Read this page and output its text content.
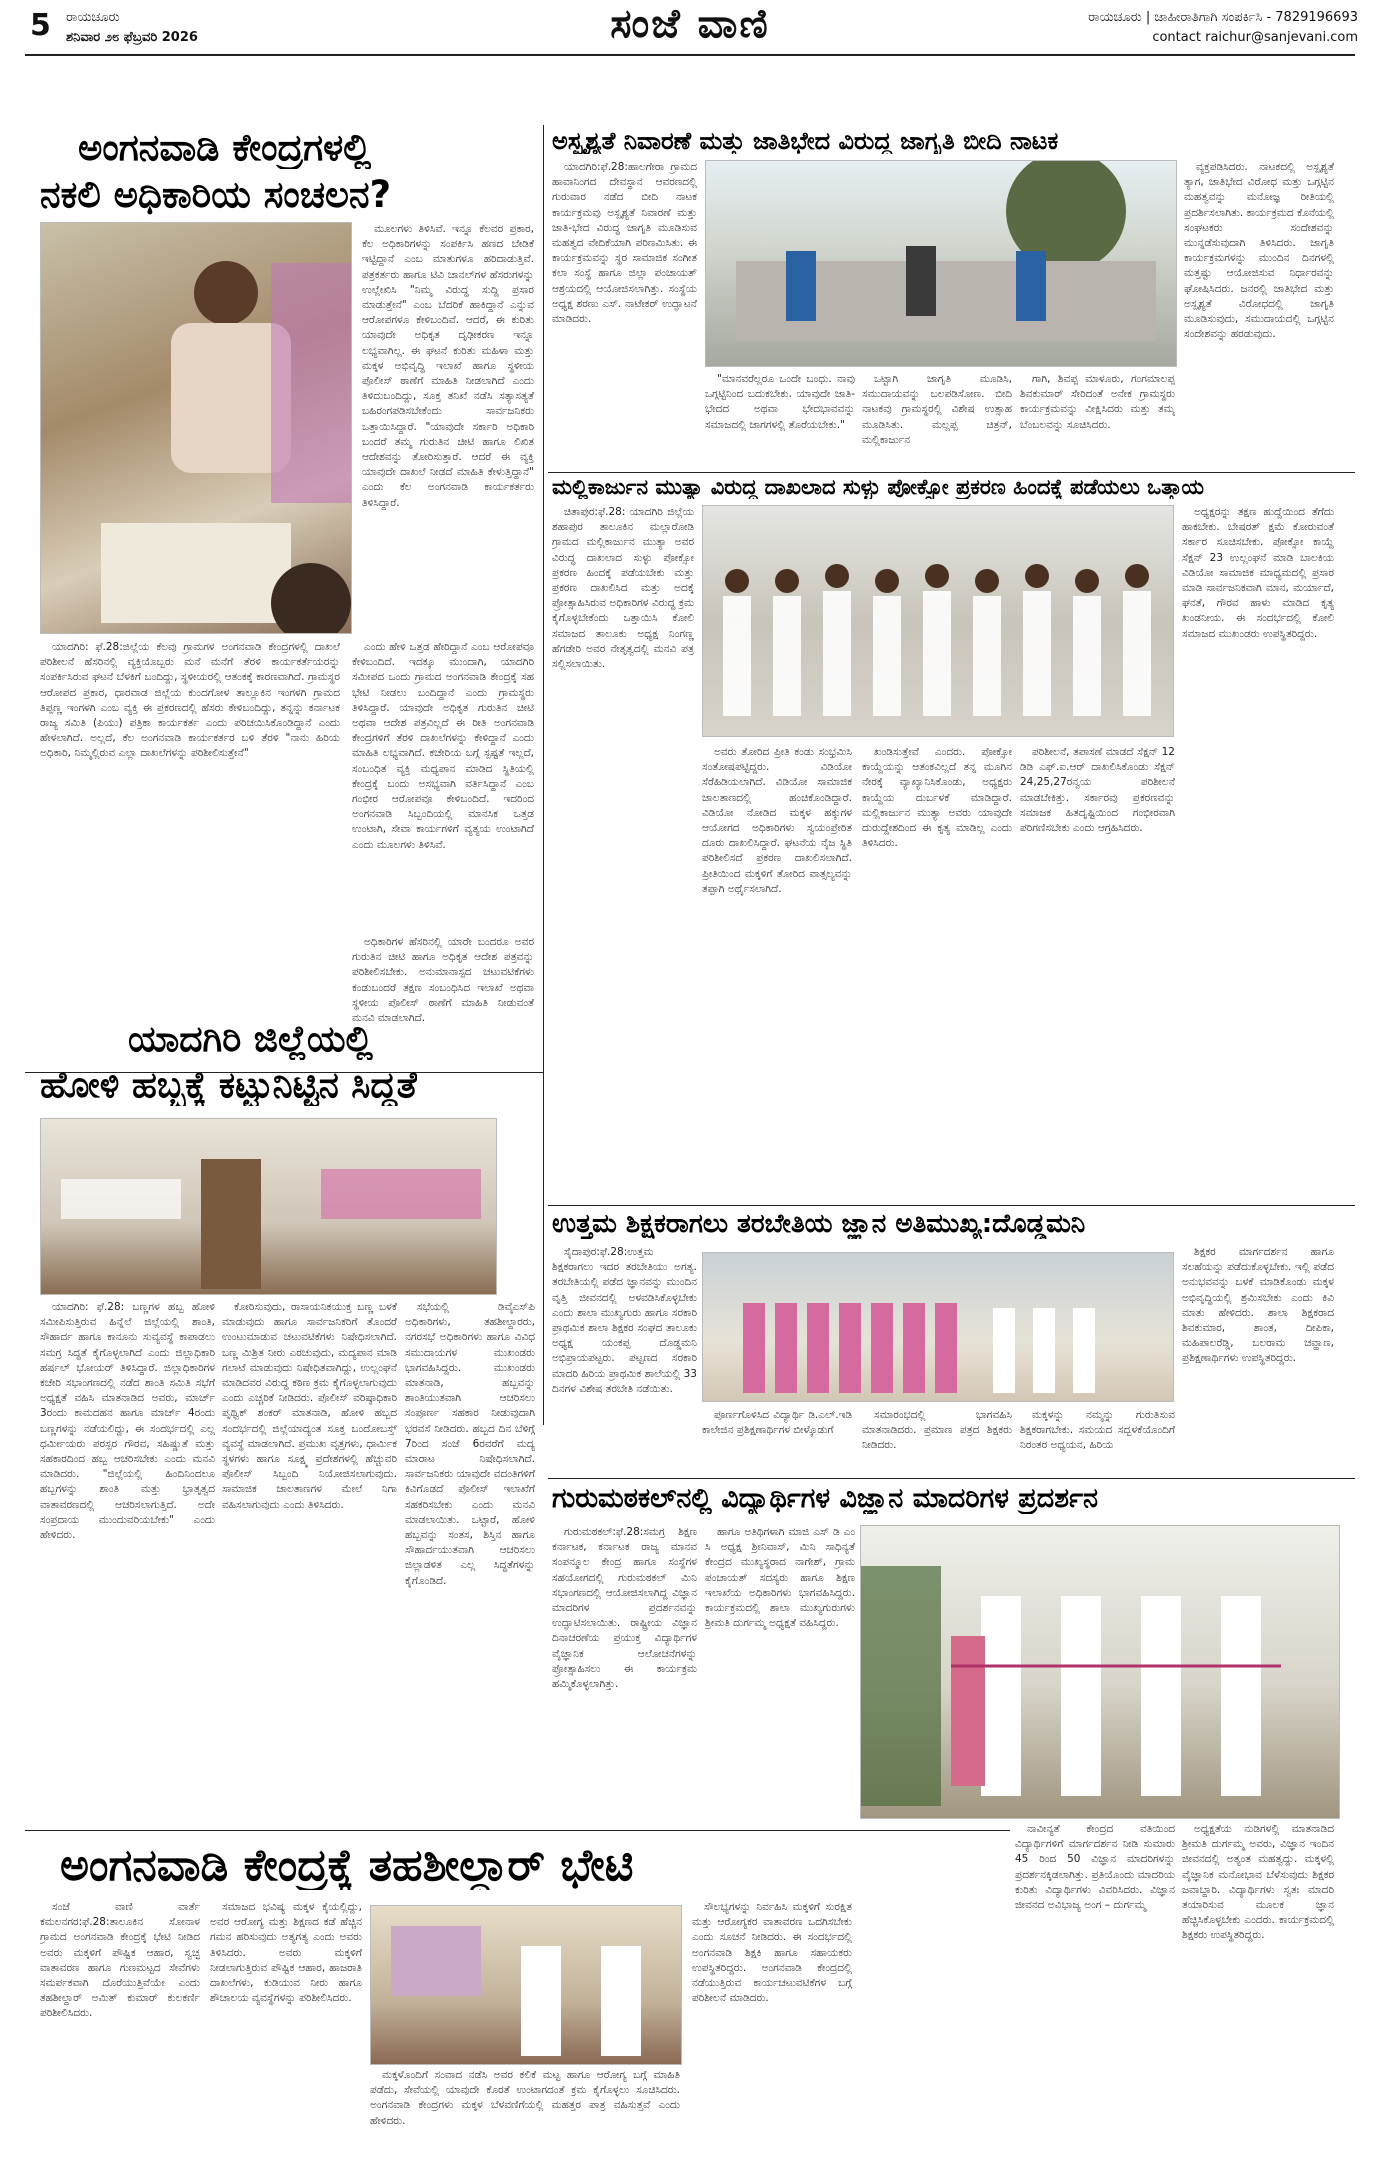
5 ರಾಯಚೂರು
ಶನಿವಾರ ೨೮ ಫೆಬ್ರವರಿ 2026	ಸಂಜೆ ವಾಣಿ	ರಾಯಚೂರು | ಜಾಹೀರಾತಿಗಾಗಿ ಸಂಪರ್ಕಿಸಿ - 7829196693
contact raichur@sanjevani.com
ಅಂಗನವಾಡಿ ಕೇಂದ್ರಗಳಲ್ಲಿ
ನಕಲಿ ಅಧಿಕಾರಿಯ ಸಂಚಲನ?

ಮೂಲಗಳು ತಿಳಿಸಿವೆ. ಇನ್ನೂ ಕೆಲವರ ಪ್ರಕಾರ, ಕೆಲ ಅಧಿಕಾರಿಗಳನ್ನು ಸಂಪರ್ಕಿಸಿ ಹಣದ ಬೇಡಿಕೆ ಇಟ್ಟಿದ್ದಾನೆ ಎಂಬ ಮಾತುಗಳೂ ಹರಿದಾಡುತ್ತಿವೆ. ಪತ್ರಕರ್ತರು ಹಾಗೂ ಟಿವಿ ಚಾನಲ್‌ಗಳ ಹೆಸರುಗಳನ್ನು ಉಲ್ಲೇಖಿಸಿ "ನಿಮ್ಮ ವಿರುದ್ಧ ಸುದ್ದಿ ಪ್ರಸಾರ ಮಾಡುತ್ತೇನೆ" ಎಂಬ ಬೆದರಿಕೆ ಹಾಕಿದ್ದಾನೆ ಎನ್ನುವ ಆರೋಪಗಳೂ ಕೇಳಿಬಂದಿವೆ. ಆದರೆ, ಈ ಕುರಿತು ಯಾವುದೇ ಅಧಿಕೃತ ದೃಢೀಕರಣ ಇನ್ನೂ ಲಭ್ಯವಾಗಿಲ್ಲ. ಈ ಘಟನೆ ಕುರಿತು ಮಹಿಳಾ ಮತ್ತು ಮಕ್ಕಳ ಅಭಿವೃದ್ಧಿ ಇಲಾಖೆ ಹಾಗೂ ಸ್ಥಳೀಯ ಪೊಲೀಸ್ ಠಾಣೆಗೆ ಮಾಹಿತಿ ನೀಡಲಾಗಿದೆ ಎಂದು ತಿಳಿದುಬಂದಿದ್ದು, ಸೂಕ್ತ ತನಿಖೆ ನಡೆಸಿ ಸತ್ಯಾಸತ್ಯತೆ ಬಹಿರಂಗಪಡಿಸಬೇಕೆಂದು ಸಾರ್ವಜನಿಕರು ಒತ್ತಾಯಿಸಿದ್ದಾರೆ. "ಯಾವುದೇ ಸರ್ಕಾರಿ ಅಧಿಕಾರಿ ಬಂದರೆ ತಮ್ಮ ಗುರುತಿನ ಚೀಟಿ ಹಾಗೂ ಲಿಖಿತ ಆದೇಶವನ್ನು ತೋರಿಸುತ್ತಾರೆ. ಆದರೆ ಈ ವ್ಯಕ್ತಿ ಯಾವುದೇ ದಾಖಲೆ ನೀಡದೆ ಮಾಹಿತಿ ಕೇಳುತ್ತಿದ್ದಾನೆ" ಎಂದು ಕೆಲ ಅಂಗನವಾಡಿ ಕಾರ್ಯಕರ್ತರು ತಿಳಿಸಿದ್ದಾರೆ.

ಯಾದಗಿರಿ: ಫೆ.28:ಜಿಲ್ಲೆಯ ಕೆಲವು ಗ್ರಾಮಗಳ ಅಂಗನವಾಡಿ ಕೇಂದ್ರಗಳಲ್ಲಿ ದಾಖಲೆ ಪರಿಶೀಲನೆ ಹೆಸರಿನಲ್ಲಿ ವ್ಯಕ್ತಿಯೊಬ್ಬರು ಮನೆ ಮನೆಗೆ ತೆರಳಿ ಕಾರ್ಯಕರ್ತೆಯರನ್ನು ಸಂಪರ್ಕಿಸಿರುವ ಘಟನೆ ಬೆಳಕಿಗೆ ಬಂದಿದ್ದು, ಸ್ಥಳೀಯರಲ್ಲಿ ಆತಂಕಕ್ಕೆ ಕಾರಣವಾಗಿದೆ. ಗ್ರಾಮಸ್ಥರ ಆರೋಪದ ಪ್ರಕಾರ, ಧಾರವಾಡ ಜಿಲ್ಲೆಯ ಕುಂದಗೋಳ ತಾಲ್ಲೂಕಿನ ಇಂಗಳಗಿ ಗ್ರಾಮದ ತಿಪ್ಪಣ್ಣ ಇಂಗಳಗಿ ಎಂಬ ವ್ಯಕ್ತಿ ಈ ಪ್ರಕರಣದಲ್ಲಿ ಹೆಸರು ಕೇಳಿಬಂದಿದ್ದು, ತನ್ನನ್ನು ಕರ್ನಾಟಕ ರಾಜ್ಯ ಸಮಿತಿ (ಪಿಯು) ಪತ್ರಿಕಾ ಕಾರ್ಯಕರ್ತ ಎಂದು ಪರಿಚಯಿಸಿಕೊಂಡಿದ್ದಾನೆ ಎಂದು ಹೇಳಲಾಗಿದೆ. ಅಲ್ಲದೆ, ಕೆಲ ಅಂಗನವಾಡಿ ಕಾರ್ಯಕರ್ತರ ಬಳಿ ತೆರಳಿ "ನಾನು ಹಿರಿಯ ಅಧಿಕಾರಿ, ನಿಮ್ಮಲ್ಲಿರುವ ಎಲ್ಲಾ ದಾಖಲೆಗಳನ್ನು ಪರಿಶೀಲಿಸುತ್ತೇನೆ"

ಎಂದು ಹೇಳಿ ಒತ್ತಡ ಹೇರಿದ್ದಾನೆ ಎಂಬ ಆರೋಪವೂ ಕೇಳಿಬಂದಿದೆ. ಇದಕ್ಕೂ ಮುಂದಾಗಿ, ಯಾದಗಿರಿ ಸಮೀಪದ ಒಂದು ಗ್ರಾಮದ ಅಂಗನವಾಡಿ ಕೇಂದ್ರಕ್ಕೆ ಸಹ ಭೇಟಿ ನೀಡಲು ಬಂದಿದ್ದಾನೆ ಎಂದು ಗ್ರಾಮಸ್ಥರು ತಿಳಿಸಿದ್ದಾರೆ. ಯಾವುದೇ ಅಧಿಕೃತ ಗುರುತಿನ ಚೀಟಿ ಅಥವಾ ಆದೇಶ ಪತ್ರವಿಲ್ಲದೆ ಈ ರೀತಿ ಅಂಗನವಾಡಿ ಕೇಂದ್ರಗಳಿಗೆ ತೆರಳಿ ದಾಖಲೆಗಳನ್ನು ಕೇಳಿದ್ದಾನೆ ಎಂದು ಮಾಹಿತಿ ಲಭ್ಯವಾಗಿದೆ. ಕಚೇರಿಯ ಬಗ್ಗೆ ಸ್ಪಷ್ಟತೆ ಇಲ್ಲದೆ, ಸಂಬಂಧಿತ ವ್ಯಕ್ತಿ ಮಧ್ಯಪಾನ ಮಾಡಿದ ಸ್ಥಿತಿಯಲ್ಲಿ ಕೇಂದ್ರಕ್ಕೆ ಬಂದು ಅಸಭ್ಯವಾಗಿ ವರ್ತಿಸಿದ್ದಾನೆ ಎಂಬ ಗಂಭೀರ ಆರೋಪವೂ ಕೇಳಿಬಂದಿದೆ. ಇದರಿಂದ ಅಂಗನವಾಡಿ ಸಿಬ್ಬಂದಿಯಲ್ಲಿ ಮಾನಸಿಕ ಒತ್ತಡ ಉಂಟಾಗಿ, ಸೇವಾ ಕಾರ್ಯಗಳಿಗೆ ವ್ಯತ್ಯಯ ಉಂಟಾಗಿದೆ ಎಂದು ಮೂಲಗಳು ತಿಳಿಸಿವೆ.

ಅಧಿಕಾರಿಗಳ ಹೆಸರಿನಲ್ಲಿ ಯಾರೇ ಬಂದರೂ ಅವರ ಗುರುತಿನ ಚೀಟಿ ಹಾಗೂ ಅಧಿಕೃತ ಆದೇಶ ಪತ್ರವನ್ನು ಪರಿಶೀಲಿಸಬೇಕು. ಅನುಮಾನಾಸ್ಪದ ಚಟುವಟಿಕೆಗಳು ಕಂಡುಬಂದರೆ ತಕ್ಷಣ ಸಂಬಂಧಿಸಿದ ಇಲಾಖೆ ಅಥವಾ ಸ್ಥಳೀಯ ಪೊಲೀಸ್ ಠಾಣೆಗೆ ಮಾಹಿತಿ ನೀಡುವಂತೆ ಮನವಿ ಮಾಡಲಾಗಿದೆ.

ಯಾದಗಿರಿ ಜಿಲ್ಲೆಯಲ್ಲಿ
ಹೋಳಿ ಹಬ್ಬಕ್ಕೆ ಕಟ್ಟುನಿಟ್ಟಿನ ಸಿದ್ಧತೆ

ಯಾದಗಿರಿ: ಫೆ.28: ಬಣ್ಣಗಳ ಹಬ್ಬ ಹೋಳಿ ಸಮೀಪಿಸುತ್ತಿರುವ ಹಿನ್ನೆಲೆ ಜಿಲ್ಲೆಯಲ್ಲಿ ಶಾಂತಿ, ಸೌಹಾರ್ದ ಹಾಗೂ ಕಾನೂನು ಸುವ್ಯವಸ್ಥೆ ಕಾಪಾಡಲು ಸಮಗ್ರ ಸಿದ್ಧತೆ ಕೈಗೊಳ್ಳಲಾಗಿದೆ ಎಂದು ಜಿಲ್ಲಾಧಿಕಾರಿ ಹರ್ಷಲ್ ಭೋಯರ್ ತಿಳಿಸಿದ್ದಾರೆ. ಜಿಲ್ಲಾಧಿಕಾರಿಗಳ ಕಚೇರಿ ಸಭಾಂಗಣದಲ್ಲಿ ನಡೆದ ಶಾಂತಿ ಸಮಿತಿ ಸಭೆಗೆ ಅಧ್ಯಕ್ಷತೆ ವಹಿಸಿ ಮಾತನಾಡಿದ ಅವರು, ಮಾರ್ಚ್ 3ರಂದು ಕಾಮದಹನ ಹಾಗೂ ಮಾರ್ಚ್ 4ರಂದು ಬಣ್ಣಗಳನ್ನು ನಡೆಯಲಿದ್ದು, ಈ ಸಂದರ್ಭದಲ್ಲಿ ಎಲ್ಲ ಧರ್ಮೀಯರು ಪರಸ್ಪರ ಗೌರವ, ಸಹಿಷ್ಣುತೆ ಮತ್ತು ಸಹಕಾರದಿಂದ ಹಬ್ಬ ಆಚರಿಸಬೇಕು ಎಂದು ಮನವಿ ಮಾಡಿದರು. "ಜಿಲ್ಲೆಯಲ್ಲಿ ಹಿಂದಿನಿಂದಲೂ ಹಬ್ಬಗಳನ್ನು ಶಾಂತಿ ಮತ್ತು ಭ್ರಾತೃತ್ವದ ವಾತಾವರಣದಲ್ಲಿ ಆಚರಿಸಲಾಗುತ್ತಿದೆ. ಅದೇ ಸಂಪ್ರದಾಯ ಮುಂದುವರಿಯಬೇಕು" ಎಂದು ಹೇಳಿದರು.

ಕೋರಿಸುವುದು, ರಾಸಾಯನಿಕಯುಕ್ತ ಬಣ್ಣ ಬಳಕೆ ಮಾಡುವುದು ಹಾಗೂ ಸಾರ್ವಜನಿಕರಿಗೆ ತೊಂದರೆ ಉಂಟುಮಾಡುವ ಚಟುವಟಿಕೆಗಳು ನಿಷೇಧಿಸಲಾಗಿದೆ. ಬಣ್ಣ ಮಿಶ್ರಿತ ನೀರು ಎರಚುವುದು, ಮದ್ಯಪಾನ ಮಾಡಿ ಗಲಾಟೆ ಮಾಡುವುದು ನಿಷೇಧಿತವಾಗಿದ್ದು, ಉಲ್ಲಂಘನೆ ಮಾಡಿದವರ ವಿರುದ್ಧ ಕಠಿಣ ಕ್ರಮ ಕೈಗೊಳ್ಳಲಾಗುವುದು ಎಂದು ಎಚ್ಚರಿಕೆ ನೀಡಿದರು. ಪೊಲೀಸ್ ವರಿಷ್ಠಾಧಿಕಾರಿ ಪೃಥ್ವಿಕ್ ಶಂಕರ್ ಮಾತನಾಡಿ, ಹೋಳಿ ಹಬ್ಬದ ಸಂದರ್ಭದಲ್ಲಿ ಜಿಲ್ಲೆಯಾದ್ಯಂತ ಸೂಕ್ತ ಬಂದೋಬಸ್ತ್ ವ್ಯವಸ್ಥೆ ಮಾಡಲಾಗಿದೆ. ಪ್ರಮುಖ ವೃತ್ತಗಳು, ಧಾರ್ಮಿಕ ಸ್ಥಳಗಳು ಹಾಗೂ ಸೂಕ್ಷ್ಮ ಪ್ರದೇಶಗಳಲ್ಲಿ ಹೆಚ್ಚುವರಿ ಪೊಲೀಸ್ ಸಿಬ್ಬಂದಿ ನಿಯೋಜಿಸಲಾಗುವುದು. ಸಾಮಾಜಿಕ ಜಾಲತಾಣಗಳ ಮೇಲೆ ನಿಗಾ ವಹಿಸಲಾಗುವುದು ಎಂದು ತಿಳಿಸಿದರು.

ಸಭೆಯಲ್ಲಿ ಡಿವೈಎಸ್‌ಪಿ ಅಧಿಕಾರಿಗಳು, ತಹಶೀಲ್ದಾರರು, ನಗರಸಭೆ ಅಧಿಕಾರಿಗಳು ಹಾಗೂ ವಿವಿಧ ಸಮುದಾಯಗಳ ಮುಖಂಡರು ಭಾಗವಹಿಸಿದ್ದರು. ಮುಖಂಡರು ಮಾತನಾಡಿ, ಹಬ್ಬವನ್ನು ಶಾಂತಿಯುತವಾಗಿ ಆಚರಿಸಲು ಸಂಪೂರ್ಣ ಸಹಕಾರ ನೀಡುವುದಾಗಿ ಭರವಸೆ ನೀಡಿದರು. ಹಬ್ಬದ ದಿನ ಬೆಳಿಗ್ಗೆ 7ರಿಂದ ಸಂಜೆ 6ರವರೆಗೆ ಮದ್ಯ ಮಾರಾಟ ನಿಷೇಧಿಸಲಾಗಿದೆ. ಸಾರ್ವಜನಿಕರು ಯಾವುದೇ ವದಂತಿಗಳಿಗೆ ಕಿವಿಗೊಡದೆ ಪೊಲೀಸ್ ಇಲಾಖೆಗೆ ಸಹಕರಿಸಬೇಕು ಎಂದು ಮನವಿ ಮಾಡಲಾಯಿತು. ಒಟ್ಟಾರೆ, ಹೋಳಿ ಹಬ್ಬವನ್ನು ಸಂತಸ, ಶಿಸ್ತಿನ ಹಾಗೂ ಸೌಹಾರ್ದಯುತವಾಗಿ ಆಚರಿಸಲು ಜಿಲ್ಲಾಡಳಿತ ಎಲ್ಲ ಸಿದ್ಧತೆಗಳನ್ನು ಕೈಗೊಂಡಿದೆ.

ಅಸ್ಪೃಶ್ಯತೆ ನಿವಾರಣೆ ಮತ್ತು ಜಾತಿಭೇದ ವಿರುದ್ಧ ಜಾಗೃತಿ ಬೀದಿ ನಾಟಕ

ಯಾದಗಿರಿ:ಫೆ.28:ಹಾಲಗೇರಾ ಗ್ರಾಮದ ಹಾವಾನಿಂಗದ ದೇವಸ್ಥಾನ ಆವರಣದಲ್ಲಿ ಗುರುವಾರ ನಡೆದ ಬೀದಿ ನಾಟಕ ಕಾರ್ಯಕ್ರಮವು ಅಸ್ಪೃಶ್ಯತೆ ನಿವಾರಣೆ ಮತ್ತು ಜಾತಿ-ಭೇದ ವಿರುದ್ಧ ಜಾಗೃತಿ ಮೂಡಿಸುವ ಮಹತ್ವದ ವೇದಿಕೆಯಾಗಿ ಪರಿಣಮಿಸಿತು. ಈ ಕಾರ್ಯಕ್ರಮವನ್ನು ಸ್ಥರ ಸಾಮಾಜಿಕ ಸಂಗೀತ ಕಲಾ ಸಂಸ್ಥೆ ಹಾಗೂ ಜಿಲ್ಲಾ ಪಂಚಾಯತ್ ಆಶ್ರಯದಲ್ಲಿ ಆಯೋಜಿಸಲಾಗಿತ್ತು. ಸಂಸ್ಥೆಯ ಅಧ್ಯಕ್ಷ ಶರಣು ಎಸ್. ನಾಟೇಕರ್ ಉದ್ಘಾಟನೆ ಮಾಡಿದರು.

ವ್ಯಕ್ತಪಡಿಸಿದರು. ನಾಟಕದಲ್ಲಿ ಅಸ್ಪೃಶ್ಯತೆ ತ್ಯಾಗ, ಜಾತಿಭೇದ ವಿರೋಧ ಮತ್ತು ಒಗ್ಗಟ್ಟಿನ ಮಹತ್ವವನ್ನು ಮನೋಜ್ಞ ರೀತಿಯಲ್ಲಿ ಪ್ರದರ್ಶಿಸಲಾಗಿತು. ಕಾರ್ಯಕ್ರಮದ ಕೊನೆಯಲ್ಲಿ ಸಂಘಟಕರು ಸಂದೇಶವನ್ನು ಮುನ್ನಡೆಸುವುದಾಗಿ ತಿಳಿಸಿದರು. ಜಾಗೃತಿ ಕಾರ್ಯಕ್ರಮಗಳನ್ನು ಮುಂದಿನ ದಿನಗಳಲ್ಲಿ ಮತ್ತಷ್ಟು ಆಯೋಜಿಸುವ ನಿರ್ಧಾರವನ್ನು ಘೋಷಿಸಿದರು. ಜನರಲ್ಲಿ ಜಾತಿಭೇದ ಮತ್ತು ಅಸ್ಪೃಶ್ಯತೆ ವಿರೋಧದಲ್ಲಿ ಜಾಗೃತಿ ಮೂಡಿಸುವುದು, ಸಮುದಾಯದಲ್ಲಿ ಒಗ್ಗಟ್ಟಿನ ಸಂದೇಶವನ್ನು ಹರಡುವುದು.

"ಮಾನವರೆಲ್ಲರೂ ಒಂದೇ ಬಂಧು. ನಾವು ಒಗ್ಗಟ್ಟಿನಿಂದ ಬದುಕಬೇಕು. ಯಾವುದೇ ಜಾತಿ-ಭೇದದ ಅಥವಾ ಭೇದಭಾವವನ್ನು ಸಮಾಜದಲ್ಲಿ ಜಾಗಗಳಲ್ಲಿ ತೊರೆಯಬೇಕು."

ಒಟ್ಟಾಗಿ ಜಾಗೃತಿ ಮೂಡಿಸಿ, ಸಮುದಾಯವನ್ನು ಬಲಪಡಿಸೋಣ. ಬೀದಿ ನಾಟಕವು ಗ್ರಾಮಸ್ಥರಲ್ಲಿ ವಿಶೇಷ ಉತ್ಸಾಹ ಮೂಡಿಸಿತು. ಮಲ್ಲಪ್ಪ ಚಿತ್ರನ್, ಮಲ್ಲಿಕಾರ್ಜುನ

ಗಾಗಿ, ಶಿವಪ್ಪ ಮಾಳೂರು, ಗಂಗಮಾಲಪ್ಪ ಶಿವಕುಮಾರ್ ಸೇರಿದಂತೆ ಅನೇಕ ಗ್ರಾಮಸ್ಥರು ಕಾರ್ಯಕ್ರಮವನ್ನು ವೀಕ್ಷಿಸಿದರು ಮತ್ತು ತಮ್ಮ ಬೆಂಬಲವನ್ನು ಸೂಚಿಸಿದರು.

ಮಲ್ಲಿಕಾರ್ಜುನ ಮುತ್ಯಾ ವಿರುದ್ಧ ದಾಖಲಾದ ಸುಳ್ಳು ಪೋಕ್ಸೋ ಪ್ರಕರಣ ಹಿಂದಕ್ಕೆ ಪಡೆಯಲು ಒತ್ತಾಯ

ಚಿತಾಪುರ:ಫೆ.28: ಯಾದಗಿರಿ ಜಿಲ್ಲೆಯ ಶಹಾಪುರ ತಾಲೂಕಿನ ಮಲ್ಲಾರೋಡಿ ಗ್ರಾಮದ ಮಲ್ಲಿಕಾರ್ಜುನ ಮುತ್ಯಾ ಅವರ ವಿರುದ್ಧ ದಾಖಲಾದ ಸುಳ್ಳು ಪೋಕ್ಸೋ ಪ್ರಕರಣ ಹಿಂದಕ್ಕೆ ಪಡೆಯಬೇಕು ಮತ್ತು ಪ್ರಕರಣ ದಾಖಲಿಸಿದ ಮತ್ತು ಅದಕ್ಕೆ ಪ್ರೋತ್ಸಾಹಿಸಿರುವ ಅಧಿಕಾರಿಗಳ ವಿರುದ್ಧ ಕ್ರಮ ಕೈಗೊಳ್ಳಬೇಕೆಂದು ಒತ್ತಾಯಿಸಿ ಕೋಲಿ ಸಮಾಜದ ತಾಲೂಕು ಅಧ್ಯಕ್ಷ ನಿಂಗಣ್ಣ ಹೆಗಡೇರಿ ಅವರ ನೇತೃತ್ವದಲ್ಲಿ ಮನವಿ ಪತ್ರ ಸಲ್ಲಿಸಲಾಯಿತು.

ಅಧ್ಯಕ್ಷರನ್ನು ತಕ್ಷಣ ಹುದ್ದೆಯಿಂದ ತೆಗೆದು ಹಾಕಬೇಕು. ಬೇಷರತ್ ಕ್ಷಮೆ ಕೋರುವಂತೆ ಸರ್ಕಾರ ಸೂಚಿಸಬೇಕು. ಪೋಕ್ಸೋ ಕಾಯ್ದೆ ಸೆಕ್ಷನ್ 23 ಉಲ್ಲಂಘನೆ ಮಾಡಿ ಬಾಲಕಿಯ ವಿಡಿಯೋ ಸಾಮಾಜಿಕ ಮಾಧ್ಯಮದಲ್ಲಿ ಪ್ರಸಾರ ಮಾಡಿ ಸಾರ್ವಜನಿಕವಾಗಿ ಮಾನ, ಮರ್ಯಾದೆ, ಘನತೆ, ಗೌರವ ಹಾಳು ಮಾಡಿದ ಕೃತ್ಯ ಖಂಡನೀಯ. ಈ ಸಂದರ್ಭದಲ್ಲಿ ಕೋಲಿ ಸಮಾಜದ ಮುಖಂಡರು ಉಪಸ್ಥಿತರಿದ್ದರು.

ಅವರು ತೋರಿದ ಪ್ರೀತಿ ಕಂಡು ಸಂಭ್ರಮಿಸಿ ಸಂತೋಷಪಟ್ಟಿದ್ದರು. ವಿಡಿಯೋ ಸೆರೆಹಿಡಿಯಲಾಗಿದೆ. ವಿಡಿಯೋ ಸಾಮಾಜಿಕ ಜಾಲತಾಣದಲ್ಲಿ ಹಂಚಿಕೊಂಡಿದ್ದಾರೆ. ವಿಡಿಯೋ ನೋಡಿದ ಮಕ್ಕಳ ಹಕ್ಕುಗಳ ಆಯೋಗದ ಅಧಿಕಾರಿಗಳು ಸ್ವಯಂಪ್ರೇರಿತ ದೂರು ದಾಖಲಿಸಿದ್ದಾರೆ. ಘಟನೆಯ ನೈಜ ಸ್ಥಿತಿ ಪರಿಶೀಲಿಸದೆ ಪ್ರಕರಣ ದಾಖಲಿಸಲಾಗಿದೆ. ಪ್ರೀತಿಯಿಂದ ಮಕ್ಕಳಿಗೆ ತೋರಿದ ವಾತ್ಸಲ್ಯವನ್ನು ತಪ್ಪಾಗಿ ಅರ್ಥೈಸಲಾಗಿದೆ.

ಖಂಡಿಸುತ್ತೇವೆ ಎಂದರು. ಪೋಕ್ಸೋ ಕಾಯ್ದೆಯನ್ನು ಆತಂಕವಿಲ್ಲದೆ ತನ್ನ ಮೂಗಿನ ನೇರಕ್ಕೆ ವ್ಯಾಖ್ಯಾನಿಸಿಕೊಂಡು, ಅಧ್ಯಕ್ಷರು ಕಾಯ್ದೆಯ ದುರ್ಬಳಕೆ ಮಾಡಿದ್ದಾರೆ. ಮಲ್ಲಿಕಾರ್ಜುನ ಮುತ್ಯಾ ಅವರು ಯಾವುದೇ ದುರುದ್ದೇಶದಿಂದ ಈ ಕೃತ್ಯ ಮಾಡಿಲ್ಲ ಎಂದು ತಿಳಿಸಿದರು.

ಪರಿಶೀಲನೆ, ತಪಾಸಣೆ ಮಾಡದೆ ಸೆಕ್ಷನ್ 12 ಡಿಡಿ ಎಫ್.ಐ.ಆರ್ ದಾಖಲಿಸಿಕೊಂಡು ಸೆಕ್ಷನ್ 24,25,27ರನ್ವಯ ಪರಿಶೀಲನೆ ಮಾಡಬೇಕಿತ್ತು. ಸರ್ಕಾರವು ಪ್ರಕರಣವನ್ನು ಸಮಾಜಕ ಹಿತದೃಷ್ಟಿಯಿಂದ ಗಂಭೀರವಾಗಿ ಪರಿಗಣಿಸಬೇಕು ಎಂದು ಆಗ್ರಹಿಸಿದರು.

ಉತ್ತಮ ಶಿಕ್ಷಕರಾಗಲು ತರಬೇತಿಯ ಜ್ಞಾನ ಅತಿಮುಖ್ಯ:ದೊಡ್ಡಮನಿ

ಸೈದಾಪುರ:ಫೆ.28:ಉತ್ತಮ ಶಿಕ್ಷಕರಾಗಲು ಇದರ ತರಬೇತಿಯು ಅಗತ್ಯ. ತರಬೇತಿಯಲ್ಲಿ ಪಡೆದ ಜ್ಞಾನವನ್ನು ಮುಂದಿನ ವೃತ್ತಿ ಜೀವನದಲ್ಲಿ ಅಳವಡಿಸಿಕೊಳ್ಳಬೇಕು ಎಂದು ಶಾಲಾ ಮುಖ್ಯಗುರು ಹಾಗೂ ಸರಕಾರಿ ಪ್ರಾಥಮಿಕ ಶಾಲಾ ಶಿಕ್ಷಕರ ಸಂಘದ ತಾಲೂಕು ಅಧ್ಯಕ್ಷ ಯಂಕಪ್ಪ ದೊಡ್ಡಮನಿ ಅಭಿಪ್ರಾಯಪಟ್ಟರು. ಪಟ್ಟಣದ ಸರಕಾರಿ ಮಾದರಿ ಹಿರಿಯ ಪ್ರಾಥಮಿಕ ಶಾಲೆಯಲ್ಲಿ 33 ದಿನಗಳ ವಿಶೇಷ ತರಬೇತಿ ನಡೆಯಿತು.

ಶಿಕ್ಷಕರ ಮಾರ್ಗದರ್ಶನ ಹಾಗೂ ಸಲಹೆಯನ್ನು ಪಡೆದುಕೊಳ್ಳಬೇಕು. ಇಲ್ಲಿ ಪಡೆದ ಅನುಭವವನ್ನು ಬಳಕೆ ಮಾಡಿಕೊಂಡು ಮಕ್ಕಳ ಅಭಿವೃದ್ಧಿಯಲ್ಲಿ ಶ್ರಮಿಸಬೇಕು ಎಂದು ಕಿವಿ ಮಾತು ಹೇಳಿದರು. ಶಾಲಾ ಶಿಕ್ಷಕರಾದ ಶಿವಕುಮಾರ, ಶಾಂತ, ದೀಪಿಕಾ, ಮಹಿಪಾಲರೆಡ್ಡಿ, ಬಲರಾಮ ಚವ್ಹಾಣ, ಪ್ರಶಿಕ್ಷಣಾರ್ಥಿಗಳು ಉಪಸ್ಥಿತರಿದ್ದರು.

ಪೂರ್ಣಗೊಳಿಸಿದ ವಿದ್ಯಾರ್ಥಿ ಡಿ.ಎಲ್.ಇಡಿ ಕಾಲೇಜಿನ ಪ್ರಶಿಕ್ಷಣಾರ್ಥಿಗಳ ಬೀಳ್ಕೊಡುಗೆ

ಸಮಾರಂಭದಲ್ಲಿ ಭಾಗವಹಿಸಿ ಮಾತನಾಡಿದರು. ಪ್ರಮಾಣ ಪತ್ರದ ಶಿಕ್ಷಕರು ನೀಡಿದರು.

ಮಕ್ಕಳನ್ನು ನಮ್ಮನ್ನು ಗುರುತಿಸುವ ಶಿಕ್ಷಕರಾಗಬೇಕು. ಸಮಯದ ಸದ್ಬಳಕೆಯೊಂದಿಗೆ ನಿರಂತರ ಅಧ್ಯಯನ, ಹಿರಿಯ

ಗುರುಮಠಕಲ್‌ನಲ್ಲಿ ವಿದ್ಯಾರ್ಥಿಗಳ ವಿಜ್ಞಾನ ಮಾದರಿಗಳ ಪ್ರದರ್ಶನ

ಗುರುಮಠಕಲ್:ಫೆ.28:ಸಮಗ್ರ ಶಿಕ್ಷಣ ಕರ್ನಾಟಕ, ಕರ್ನಾಟಕ ರಾಜ್ಯ ಮಾನವ ಸಂಪನ್ಮೂಲ ಕೇಂದ್ರ ಹಾಗೂ ಸಂಸ್ಥೆಗಳ ಸಹಯೋಗದಲ್ಲಿ ಗುರುಮಠಕಲ್ ಮಿನಿ ಸಭಾಂಗಣದಲ್ಲಿ ಆಯೋಜಿಸಲಾಗಿದ್ದ ವಿಜ್ಞಾನ ಮಾದರಿಗಳ ಪ್ರದರ್ಶನವನ್ನು ಉದ್ಘಾಟಿಸಲಾಯಿತು. ರಾಷ್ಟ್ರೀಯ ವಿಜ್ಞಾನ ದಿನಾಚರಣೆಯ ಪ್ರಯುಕ್ತ ವಿದ್ಯಾರ್ಥಿಗಳ ವೈಜ್ಞಾನಿಕ ಆಲೋಚನೆಗಳನ್ನು ಪ್ರೋತ್ಸಾಹಿಸಲು ಈ ಕಾರ್ಯಕ್ರಮ ಹಮ್ಮಿಕೊಳ್ಳಲಾಗಿತ್ತು.

ಹಾಗೂ ಅತಿಥಿಗಳಾಗಿ ಮಾಜಿ ಎಸ್ ಡಿ ಎಂ ಸಿ ಅಧ್ಯಕ್ಷ ಶ್ರೀನಿವಾಸ್, ಮಿನಿ ಸಾಧಿನ್ಯತೆ ಕೇಂದ್ರದ ಮುಖ್ಯಸ್ಥರಾದ ನಾಗೇಶ್, ಗ್ರಾಮ ಪಂಚಾಯತ್ ಸದಸ್ಯರು ಹಾಗೂ ಶಿಕ್ಷಣ ಇಲಾಖೆಯ ಅಧಿಕಾರಿಗಳು ಭಾಗವಹಿಸಿದ್ದರು. ಕಾರ್ಯಕ್ರಮದಲ್ಲಿ ಶಾಲಾ ಮುಖ್ಯಗುರುಗಳು ಶ್ರೀಮತಿ ದುರ್ಗಮ್ಮ ಅಧ್ಯಕ್ಷತೆ ವಹಿಸಿದ್ದರು.

ನಾವೀನ್ಯತೆ ಕೇಂದ್ರದ ವತಿಯಿಂದ ವಿದ್ಯಾರ್ಥಿಗಳಿಗೆ ಮಾರ್ಗದರ್ಶನ ನೀಡಿ ಸುಮಾರು 45 ರಿಂದ 50 ವಿಜ್ಞಾನ ಮಾದರಿಗಳನ್ನು ಪ್ರದರ್ಶನಕ್ಕಿಡಲಾಗಿತ್ತು. ಪ್ರತಿಯೊಂದು ಮಾದರಿಯ ಕುರಿತು ವಿದ್ಯಾರ್ಥಿಗಳು ವಿವರಿಸಿದರು. ವಿಜ್ಞಾನ ಜೀವನದ ಅವಿಭಾಜ್ಯ ಅಂಗ – ದುರ್ಗಮ್ಮ

ಅಧ್ಯಕ್ಷತೆಯ ನುಡಿಗಳಲ್ಲಿ ಮಾತನಾಡಿದ ಶ್ರೀಮತಿ ದುರ್ಗಮ್ಮ ಅವರು, ವಿಜ್ಞಾನ ಇಂದಿನ ಜೀವನದಲ್ಲಿ ಅತ್ಯಂತ ಮಹತ್ವದ್ದು. ಮಕ್ಕಳಲ್ಲಿ ವೈಜ್ಞಾನಿಕ ಮನೋಭಾವ ಬೆಳೆಸುವುದು ಶಿಕ್ಷಕರ ಜವಾಬ್ದಾರಿ. ವಿದ್ಯಾರ್ಥಿಗಳು ಸ್ವತಃ ಮಾದರಿ ತಯಾರಿಸುವ ಮೂಲಕ ಜ್ಞಾನ ಹೆಚ್ಚಿಸಿಕೊಳ್ಳಬೇಕು ಎಂದರು. ಕಾರ್ಯಕ್ರಮದಲ್ಲಿ ಶಿಕ್ಷಕರು ಉಪಸ್ಥಿತರಿದ್ದರು.

ಅಂಗನವಾಡಿ ಕೇಂದ್ರಕ್ಕೆ ತಹಶೀಲ್ದಾರ್ ಭೇಟಿ

ಸಂಜೆ ವಾಣಿ ವಾರ್ತೆ ಕಮಲನಗರ:ಫೆ.28:ತಾಲೂಕಿನ ಸೋನಾಳ ಗ್ರಾಮದ ಅಂಗನವಾಡಿ ಕೇಂದ್ರಕ್ಕೆ ಭೇಟಿ ನೀಡಿದ ಅವರು ಮಕ್ಕಳಿಗೆ ಪೌಷ್ಟಿಕ ಆಹಾರ, ಸ್ವಚ್ಛ ವಾತಾವರಣ ಹಾಗೂ ಗುಣಮಟ್ಟದ ಸೇವೆಗಳು ಸಮರ್ಪಕವಾಗಿ ದೊರೆಯುತ್ತಿವೆಯೇ ಎಂದು ತಹಶೀಲ್ದಾರ್ ಅಮಿತ್ ಕುಮಾರ್ ಕುಲಕರ್ಣಿ ಪರಿಶೀಲಿಸಿದರು.

ಸಮಾಜದ ಭವಿಷ್ಯ ಮಕ್ಕಳ ಕೈಯಲ್ಲಿದ್ದು, ಅವರ ಆರೋಗ್ಯ ಮತ್ತು ಶಿಕ್ಷಣದ ಕಡೆ ಹೆಚ್ಚಿನ ಗಮನ ಹರಿಸುವುದು ಅತ್ಯಗತ್ಯ ಎಂದು ಅವರು ತಿಳಿಸಿದರು. ಅವರು ಮಕ್ಕಳಿಗೆ ನೀಡಲಾಗುತ್ತಿರುವ ಪೌಷ್ಟಿಕ ಆಹಾರ, ಹಾಜರಾತಿ ದಾಖಲೆಗಳು, ಕುಡಿಯುವ ನೀರು ಹಾಗೂ ಶೌಚಾಲಯ ವ್ಯವಸ್ಥೆಗಳನ್ನು ಪರಿಶೀಲಿಸಿದರು.

ಮಕ್ಕಳೊಂದಿಗೆ ಸಂವಾದ ನಡೆಸಿ ಅವರ ಕಲಿಕೆ ಮಟ್ಟ ಹಾಗೂ ಆರೋಗ್ಯ ಬಗ್ಗೆ ಮಾಹಿತಿ ಪಡೆದು, ಸೇವೆಯಲ್ಲಿ ಯಾವುದೇ ಕೊರತೆ ಉಂಟಾಗದಂತೆ ಕ್ರಮ ಕೈಗೊಳ್ಳಲು ಸೂಚಿಸಿದರು. ಅಂಗನವಾಡಿ ಕೇಂದ್ರಗಳು ಮಕ್ಕಳ ಬೆಳವಣಿಗೆಯಲ್ಲಿ ಮಹತ್ತರ ಪಾತ್ರ ವಹಿಸುತ್ತವೆ ಎಂದು ಹೇಳಿದರು.

ಸೌಲಭ್ಯಗಳನ್ನು ನಿರ್ವಹಿಸಿ ಮಕ್ಕಳಿಗೆ ಸುರಕ್ಷಿತ ಮತ್ತು ಆರೋಗ್ಯಕರ ವಾತಾವರಣ ಒದಗಿಸಬೇಕು ಎಂದು ಸೂಚನೆ ನೀಡಿದರು. ಈ ಸಂದರ್ಭದಲ್ಲಿ ಅಂಗನವಾಡಿ ಶಿಕ್ಷಕಿ ಹಾಗೂ ಸಹಾಯಕರು ಉಪಸ್ಥಿತರಿದ್ದರು. ಅಂಗನವಾಡಿ ಕೇಂದ್ರದಲ್ಲಿ ನಡೆಯುತ್ತಿರುವ ಕಾರ್ಯಚಟುವಟಿಕೆಗಳ ಬಗ್ಗೆ ಪರಿಶೀಲನೆ ಮಾಡಿದರು.
